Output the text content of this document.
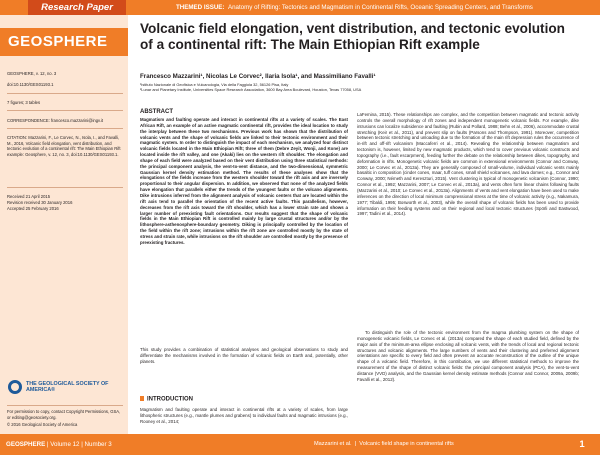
Research Paper	THEMED ISSUE: Anatomy of Rifting: Tectonics and Magmatism in Continental Rifts, Oceanic Spreading Centers, and Transforms
GEOSPHERE
GEOSPHERE, v. 12, no. 3
doi:10.1130/GES01193.1
7 figures; 3 tables
CORRESPONDENCE: francesco.mazzarini@ingv.it
CITATION: Mazzarini, F., Le Corvec, N., Isola, I., and Favalli, M., 2016, Volcanic field elongation, vent distribution, and tectonic evolution of a continental rift: The Main Ethiopian Rift example: Geosphere, v. 12, no. 3, doi:10.1130/GES01193.1.
Received 21 April 2015
Revision received 30 January 2016
Accepted 25 February 2016
THE GEOLOGICAL SOCIETY OF AMERICA®
For permission to copy, contact Copyright Permissions, GSA, or editing@geosociety.org.
© 2016 Geological Society of America
Volcanic field elongation, vent distribution, and tectonic evolution of a continental rift: The Main Ethiopian Rift example
Francesco Mazzarini¹, Nicolas Le Corvec², Ilaria Isola¹, and Massimiliano Favalli¹
¹Istituto Nazionale di Geofisica e Vulcanologia, Via della Faggiola 32, 56126 Pisa, Italy
²Lunar and Planetary Institute, Universities Space Research Association, 3600 Bay Area Boulevard, Houston, Texas 77058, USA
ABSTRACT
Magmatism and faulting operate and interact in continental rifts at a variety of scales. The East African Rift, an example of an active magmatic continental rift, provides the ideal location to study the interplay between these two mechanisms. Previous work has shown that the distribution of volcanic vents and the shape of volcanic fields are linked to their tectonic environment and their magmatic system. In order to distinguish the impact of each mechanism, we analyzed four distinct volcanic fields located in the Main Ethiopian Rift; three of them (Debre Zeyit, Wonji, and Kone) are located inside the rift valley, and one (Akaki) lies on the western rift shoulder. The elongation and shape of each field were analyzed based on their vent distribution using three statistical methods: the principal component analysis, the vent-to-vent distance, and the two-dimensional, symmetric Gaussian kernel density estimation method. The results of these analyses show that the elongations of the fields increase from the western shoulder toward the rift axis and are inversely proportional to their angular dispersion. In addition, we observed that none of the analyzed fields have elongation that parallels either the trends of the youngest faults or the volcano alignments. Dike intrusions inferred from the alignment analysis of volcanic centers that are located within the rift axis tend to parallel the orientation of the recent active faults. This parallelism, however, decreases from the rift axis toward the rift shoulder, which has a lower strain rate and shows a larger number of preexisting fault orientations. Our results suggest that the shape of volcanic fields in the Main Ethiopian Rift is controlled mainly by large crustal structures and/or by the lithosphere-asthenosphere-boundary geometry. Diking is principally controlled by the location of the field within the rift zone; intrusions within the rift zone are controlled mostly by the state of stress and strain rate, while intrusions on the rift shoulder are controlled mostly by the presence of preexisting fractures.
This study provides a combination of statistical analyses and geological observations to study and differentiate the mechanisms involved in the formation of volcanic fields on Earth and, potentially, other planets.
INTRODUCTION
Magmatism and faulting operate and interact in continental rifts at a variety of scales, from large lithospheric structures (e.g., mantle plumes and grabens) to individual faults and magmatic intrusions (e.g., Rooney et al., 2014;
LaFemina, 2015). These relationships are complex, and the competition between magmatic and tectonic activity controls the overall morphology of rift zones and independent monogenetic volcanic fields. For example, dike intrusions can localize subsidence and faulting (Rubin and Pollard, 1988; Behn et al., 2006), accommodate crustal stretching (Keir et al., 2011), and prevent slip on faults (Parsons and Thompson, 1991). Moreover, competition between tectonic stretching and unloading due to the formation of the main rift depression rules the occurrence of in-rift and off-rift volcanism (Maccaferri et al., 2014). Revealing the relationship between magmatism and tectonism is, however, limited by new magmatic products, which tend to cover previous volcanic constructs and topography (i.e., fault escarpment), feeding further the debate on the relationship between dikes, topography, and deformation in rifts. Monogenetic volcanic fields are common in extensional environments (Connor and Conway, 2000; Le Corvec et al., 2013a). They are generally composed of small-volume, individual volcanic vents mainly basaltic in composition (cinder cones, maar, tuff cones, small shield volcanoes, and lava domes; e.g., Connor and Conway, 2000; Németh and Kereszturi, 2015). Vent clustering is typical of monogenetic volcanism (Connor, 1990; Connor et al., 1992; Mazzarini, 2007; Le Corvec et al., 2013a), and vents often form linear chains following faults (Mazzarini et al., 2010; Le Corvec et al., 2013a). Alignments of vents and vent elongation have been used to make inferences on the direction of local minimum compressional stress at the time of volcanic activity (e.g., Nakamura, 1977; Tibaldi, 1995; Bosworth et al., 2003), while the overall shape of volcanic fields has been used to provide information on their feeding systems and on their regional and local tectonic structures (Spörli and Eastwood, 1997; Tadini et al., 2014).
To distinguish the role of the tectonic environment from the magma plumbing system on the shape of monogenetic volcanic fields, Le Corvec et al. (2013a) compared the shape of each studied field, defined by the major axis of the minimum-area ellipse enclosing all volcanic vents, with the trends of local and regional tectonic structures and volcanic alignments. The large numbers of vents and their clustering and preferred alignment orientations are specific to every field and often prevent an accurate reconstruction of the outline of the unique shape of a volcanic field. Therefore, in this contribution, we use different statistical methods to improve the measurement of the shape of distinct volcanic fields: the principal component analysis (PCA), the vent-to-vent distance (VVD) analysis, and the Gaussian kernel density estimate methods (Connor and Connor, 2009a, 2009b; Favalli et al., 2012).
GEOSPHERE | Volume 12 | Number 3	Mazzarini et al.  |  Volcanic field shape in continental rifts	1
